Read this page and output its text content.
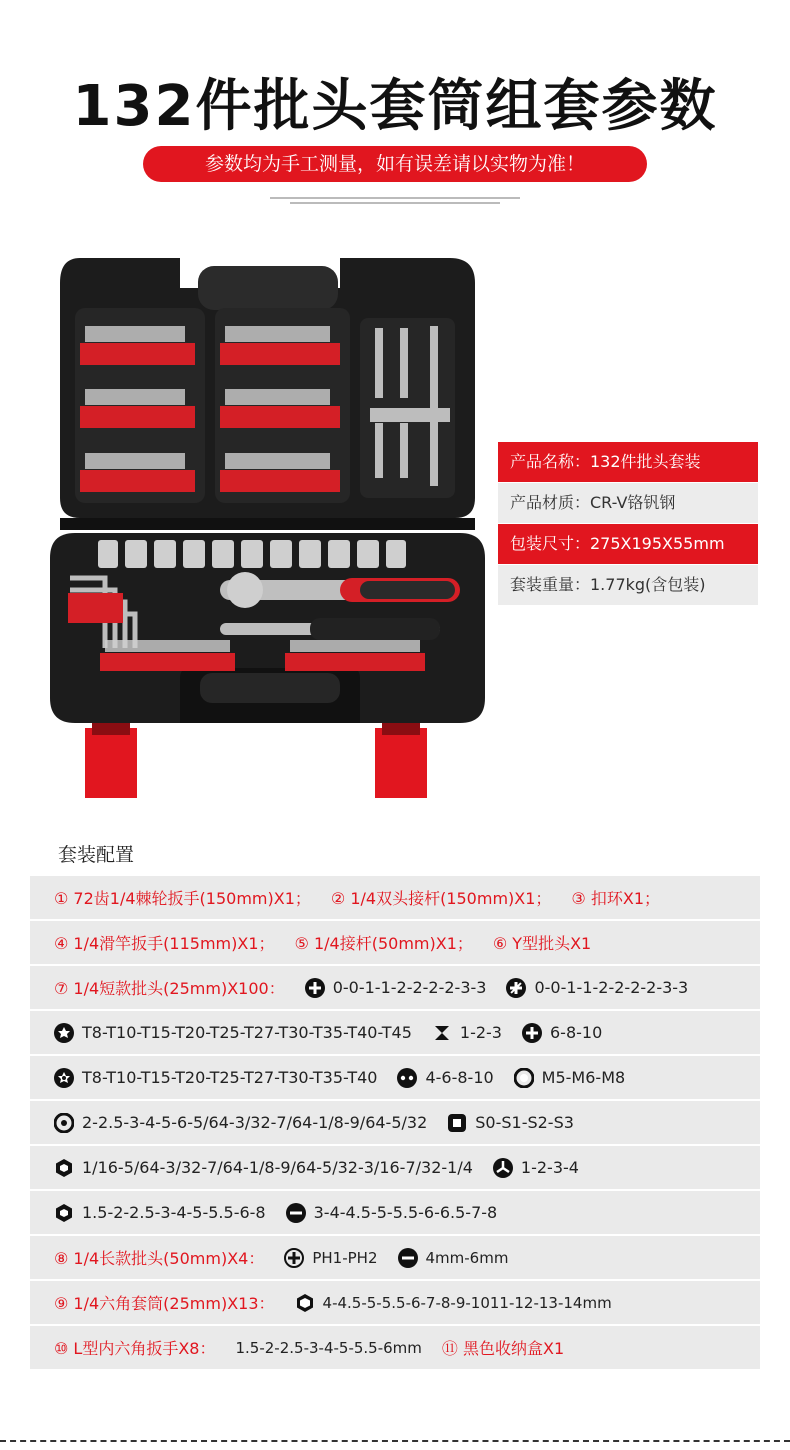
132件批头套筒组套参数
参数均为手工测量，如有误差请以实物为准！
产品名称：132件批头套装
产品材质：CR-V铬钒钢
包装尺寸：275X195X55mm
套装重量：1.77kg(含包装)
套装配置
① 72齿1/4棘轮扳手(150mm)X1； ② 1/4双头接杆(150mm)X1； ③ 扣环X1；
④ 1/4滑竿扳手(115mm)X1； ⑤ 1/4接杆(50mm)X1； ⑥ Y型批头X1
⑦ 1/4短款批头(25mm)X100：	0-0-1-1-2-2-2-2-3-3	0-0-1-1-2-2-2-2-3-3
T8-T10-T15-T20-T25-T27-T30-T35-T40-T45	1-2-3	6-8-10
T8-T10-T15-T20-T25-T27-T30-T35-T40	4-6-8-10	M5-M6-M8
2-2.5-3-4-5-6-5/64-3/32-7/64-1/8-9/64-5/32	S0-S1-S2-S3
1/16-5/64-3/32-7/64-1/8-9/64-5/32-3/16-7/32-1/4	1-2-3-4
1.5-2-2.5-3-4-5-5.5-6-8	3-4-4.5-5-5.5-6-6.5-7-8
⑧ 1/4长款批头(50mm)X4：	PH1-PH2	4mm-6mm
⑨ 1/4六角套筒(25mm)X13：	4-4.5-5-5.5-6-7-8-9-1011-12-13-14mm
⑩ L型内六角扳手X8： 1.5-2-2.5-3-4-5-5.5-6mm ⑪ 黑色收纳盒X1
